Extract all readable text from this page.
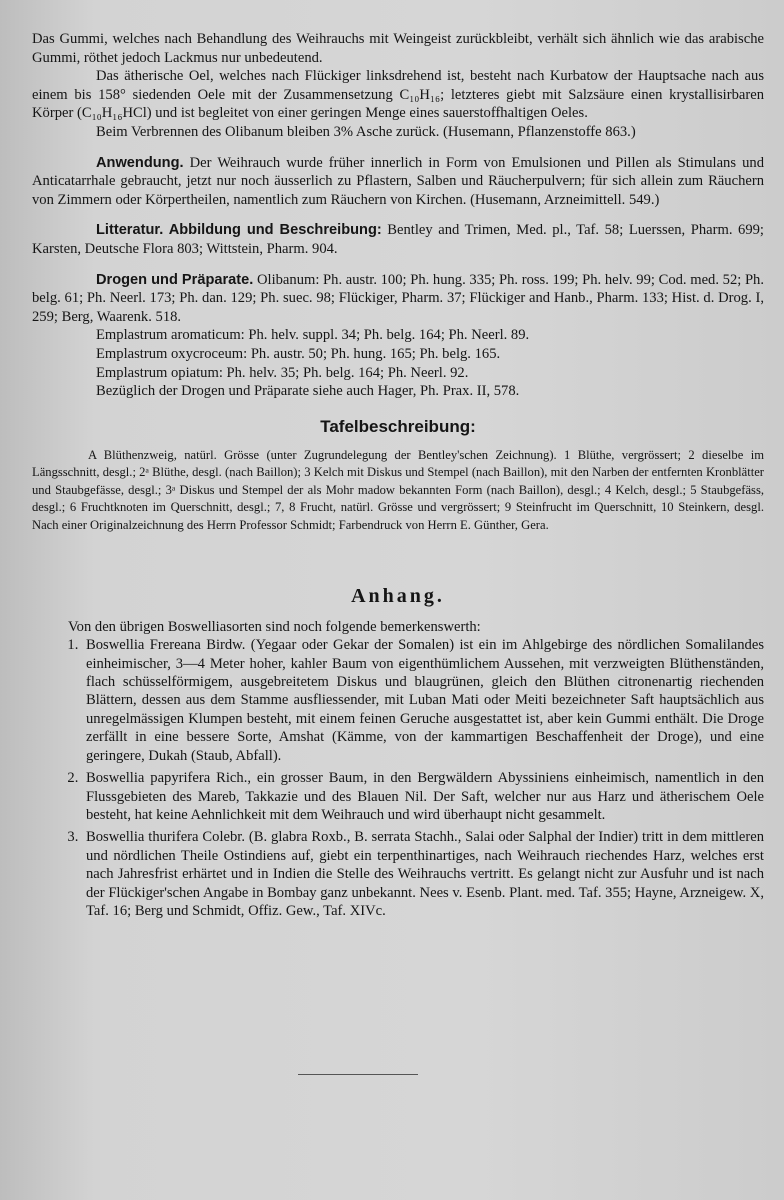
Das Gummi, welches nach Behandlung des Weihrauchs mit Weingeist zurückbleibt, verhält sich ähnlich wie das arabische Gummi, röthet jedoch Lackmus nur unbedeutend.

Das ätherische Oel, welches nach Flückiger linksdrehend ist, besteht nach Kurbatow der Hauptsache nach aus einem bis 158° siedenden Oele mit der Zusammensetzung C₁₀H₁₆; letzteres giebt mit Salzsäure einen krystallisirbaren Körper (C₁₀H₁₆HCl) und ist begleitet von einer geringen Menge eines sauerstoffhaltigen Oeles.

Beim Verbrennen des Olibanum bleiben 3% Asche zurück. (Husemann, Pflanzenstoffe 863.)

Anwendung. Der Weihrauch wurde früher innerlich in Form von Emulsionen und Pillen als Stimulans und Anticatarrhale gebraucht, jetzt nur noch äusserlich zu Pflastern, Salben und Räucherpulvern; für sich allein zum Räuchern von Zimmern oder Körpertheilen, namentlich zum Räuchern von Kirchen. (Husemann, Arzneimittell. 549.)

Litteratur. Abbildung und Beschreibung: Bentley and Trimen, Med. pl., Taf. 58; Luerssen, Pharm. 699; Karsten, Deutsche Flora 803; Wittstein, Pharm. 904.

Drogen und Präparate. Olibanum: Ph. austr. 100; Ph. hung. 335; Ph. ross. 199; Ph. helv. 99; Cod. med. 52; Ph. belg. 61; Ph. Neerl. 173; Ph. dan. 129; Ph. suec. 98; Flückiger, Pharm. 37; Flückiger and Hanb., Pharm. 133; Hist. d. Drog. I, 259; Berg, Waarenk. 518.

Emplastrum aromaticum: Ph. helv. suppl. 34; Ph. belg. 164; Ph. Neerl. 89.

Emplastrum oxycroceum: Ph. austr. 50; Ph. hung. 165; Ph. belg. 165.

Emplastrum opiatum: Ph. helv. 35; Ph. belg. 164; Ph. Neerl. 92.

Bezüglich der Drogen und Präparate siehe auch Hager, Ph. Prax. II, 578.

Tafelbeschreibung:

A Blüthenzweig, natürl. Grösse (unter Zugrundelegung der Bentley'schen Zeichnung). 1 Blüthe, vergrössert; 2 dieselbe im Längsschnitt, desgl.; 2ᵃ Blüthe, desgl. (nach Baillon); 3 Kelch mit Diskus und Stempel (nach Baillon), mit den Narben der entfernten Kronblätter und Staubgefässe, desgl.; 3ᵃ Diskus und Stempel der als Mohr madow bekannten Form (nach Baillon), desgl.; 4 Kelch, desgl.; 5 Staubgefäss, desgl.; 6 Fruchtknoten im Querschnitt, desgl.; 7, 8 Frucht, natürl. Grösse und vergrössert; 9 Steinfrucht im Querschnitt, 10 Steinkern, desgl. Nach einer Originalzeichnung des Herrn Professor Schmidt; Farbendruck von Herrn E. Günther, Gera.

Anhang.

Von den übrigen Boswelliasorten sind noch folgende bemerkenswerth:

1. Boswellia Frereana Birdw. (Yegaar oder Gekar der Somalen) ist ein im Ahlgebirge des nördlichen Somalilandes einheimischer, 3—4 Meter hoher, kahler Baum von eigenthümlichem Aussehen, mit verzweigten Blüthenständen, flach schüsselförmigem, ausgebreitetem Diskus und blaugrünen, gleich den Blüthen citronenartig riechenden Blättern, dessen aus dem Stamme ausfliessender, mit Luban Mati oder Meiti bezeichneter Saft hauptsächlich aus unregelmässigen Klumpen besteht, mit einem feinen Geruche ausgestattet ist, aber kein Gummi enthält. Die Droge zerfällt in eine bessere Sorte, Amshat (Kämme, von der kammartigen Beschaffenheit der Droge), und eine geringere, Dukah (Staub, Abfall).
2. Boswellia papyrifera Rich., ein grosser Baum, in den Bergwäldern Abyssiniens einheimisch, namentlich in den Flussgebieten des Mareb, Takkazie und des Blauen Nil. Der Saft, welcher nur aus Harz und ätherischem Oele besteht, hat keine Aehnlichkeit mit dem Weihrauch und wird überhaupt nicht gesammelt.
3. Boswellia thurifera Colebr. (B. glabra Roxb., B. serrata Stachh., Salai oder Salphal der Indier) tritt in dem mittleren und nördlichen Theile Ostindiens auf, giebt ein terpenthinartiges, nach Weihrauch riechendes Harz, welches erst nach Jahresfrist erhärtet und in Indien die Stelle des Weihrauchs vertritt. Es gelangt nicht zur Ausfuhr und ist nach der Flückiger'schen Angabe in Bombay ganz unbekannt. Nees v. Esenb. Plant. med. Taf. 355; Hayne, Arzneigew. X, Taf. 16; Berg und Schmidt, Offiz. Gew., Taf. XIVc.
